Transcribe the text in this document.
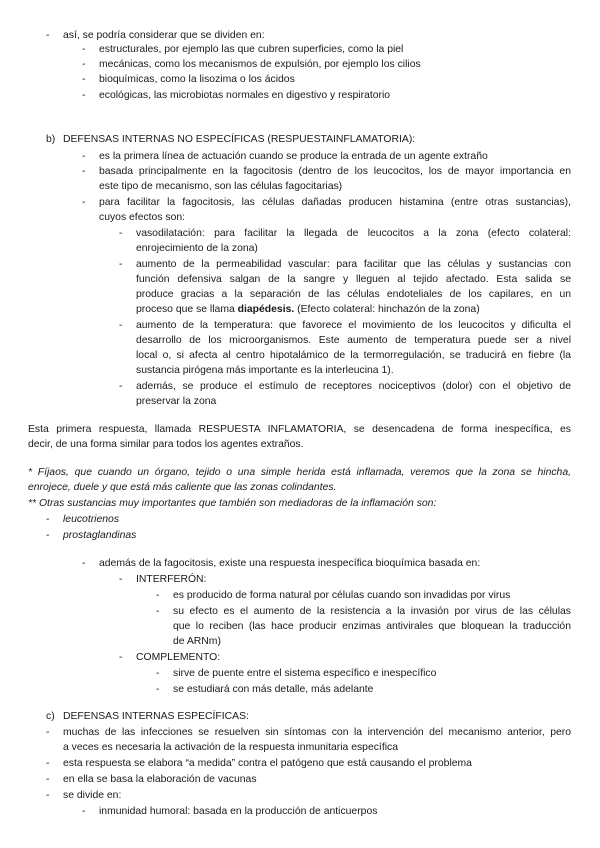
- así, se podría considerar que se dividen en:
- estructurales, por ejemplo las que cubren superficies, como la piel
- mecánicas, como los mecanismos de expulsión, por ejemplo los cilios
- bioquímicas, como la lisozima o los ácidos
- ecológicas, las microbiotas normales en digestivo y respiratorio
b) DEFENSAS INTERNAS NO ESPECÍFICAS (RESPUESTAINFLAMATORIA):
- es la primera línea de actuación cuando se produce la entrada de un agente extraño
- basada principalmente en la fagocitosis (dentro de los leucocitos, los de mayor importancia en
este tipo de mecanismo, son las células fagocitarias)
- para facilitar la fagocitosis, las células dañadas producen histamina (entre otras sustancias),
cuyos efectos son:
- vasodilatación: para facilitar la llegada de leucocitos a la zona (efecto colateral:
enrojecimiento de la zona)
- aumento de la permeabilidad vascular: para facilitar que las células y sustancias con
función defensiva salgan de la sangre y lleguen al tejido afectado. Esta salida se
produce gracias a la separación de las células endoteliales de los capilares, en un
proceso que se llama diapédesis. (Efecto colateral: hinchazón de la zona)
- aumento de la temperatura: que favorece el movimiento de los leucocitos y dificulta el
desarrollo de los microorganismos. Este aumento de temperatura puede ser a nivel
local o, si afecta al centro hipotalámico de la termorregulación, se traducirá en fiebre (la
sustancia pirógena más importante es la interleucina 1).
- además, se produce el estímulo de receptores nociceptivos (dolor) con el objetivo de
preservar la zona
Esta primera respuesta, llamada RESPUESTA INFLAMATORIA, se desencadena de forma inespecífica, es
decir, de una forma similar para todos los agentes extraños.
* Fíjaos, que cuando un órgano, tejido o una simple herida está inflamada, veremos que la zona se hincha,
enrojece, duele y que está más caliente que las zonas colindantes.
** Otras sustancias muy importantes que también son mediadoras de la inflamación son:
- leucotrienos
- prostaglandinas
- además de la fagocitosis, existe una respuesta inespecífica bioquímica basada en:
- INTERFERÓN:
- es producido de forma natural por células cuando son invadidas por virus
- su efecto es el aumento de la resistencia a la invasión por virus de las células
que lo reciben (las hace producir enzimas antivirales que bloquean la traducción
de ARNm)
- COMPLEMENTO:
- sirve de puente entre el sistema específico e inespecífico
- se estudiará con más detalle, más adelante
c) DEFENSAS INTERNAS ESPECÍFICAS:
- muchas de las infecciones se resuelven sin síntomas con la intervención del mecanismo anterior, pero
a veces es necesaria la activación de la respuesta inmunitaria específica
- esta respuesta se elabora “a medida” contra el patógeno que está causando el problema
- en ella se basa la elaboración de vacunas
- se divide en:
- inmunidad humoral: basada en la producción de anticuerpos
